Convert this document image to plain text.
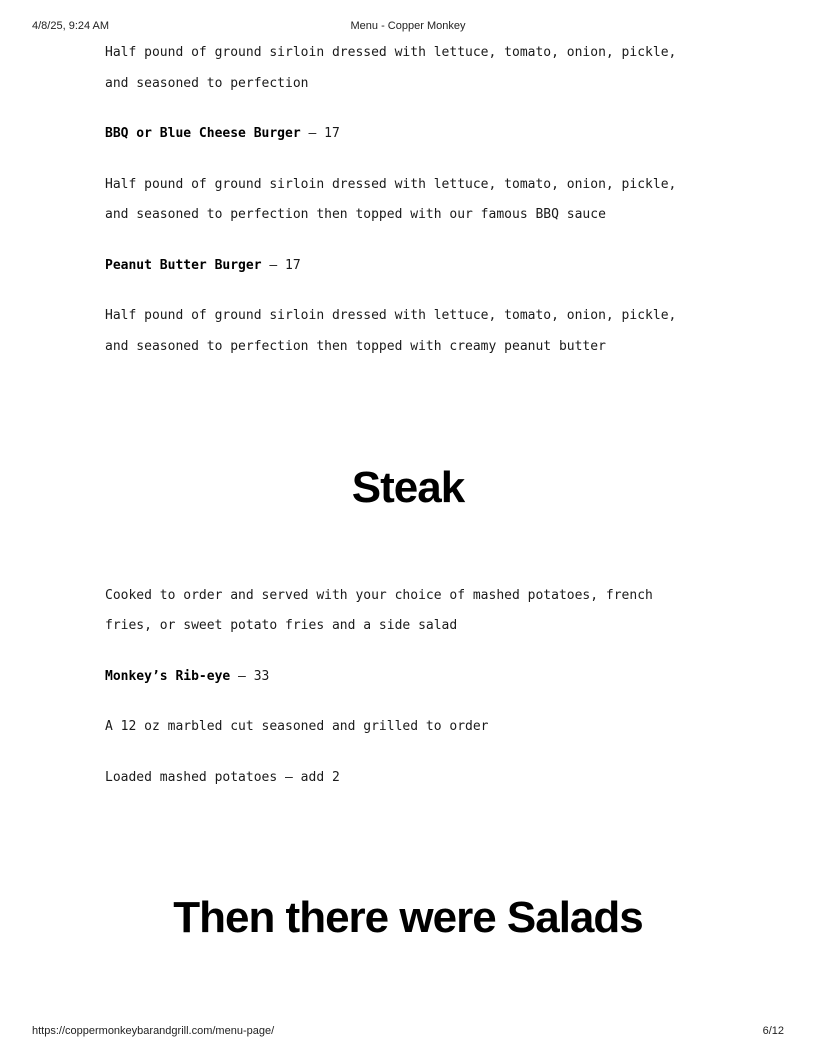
4/8/25, 9:24 AM	Menu - Copper Monkey
Half pound of ground sirloin dressed with lettuce, tomato, onion, pickle,
and seasoned to perfection
BBQ or Blue Cheese Burger — 17
Half pound of ground sirloin dressed with lettuce, tomato, onion, pickle,
and seasoned to perfection then topped with our famous BBQ sauce
Peanut Butter Burger — 17
Half pound of ground sirloin dressed with lettuce, tomato, onion, pickle,
and seasoned to perfection then topped with creamy peanut butter
Steak
Cooked to order and served with your choice of mashed potatoes, french
fries, or sweet potato fries and a side salad
Monkey’s Rib-eye — 33
A 12 oz marbled cut seasoned and grilled to order
Loaded mashed potatoes — add 2
Then there were Salads
https://coppermonkeybarandgrill.com/menu-page/	6/12
